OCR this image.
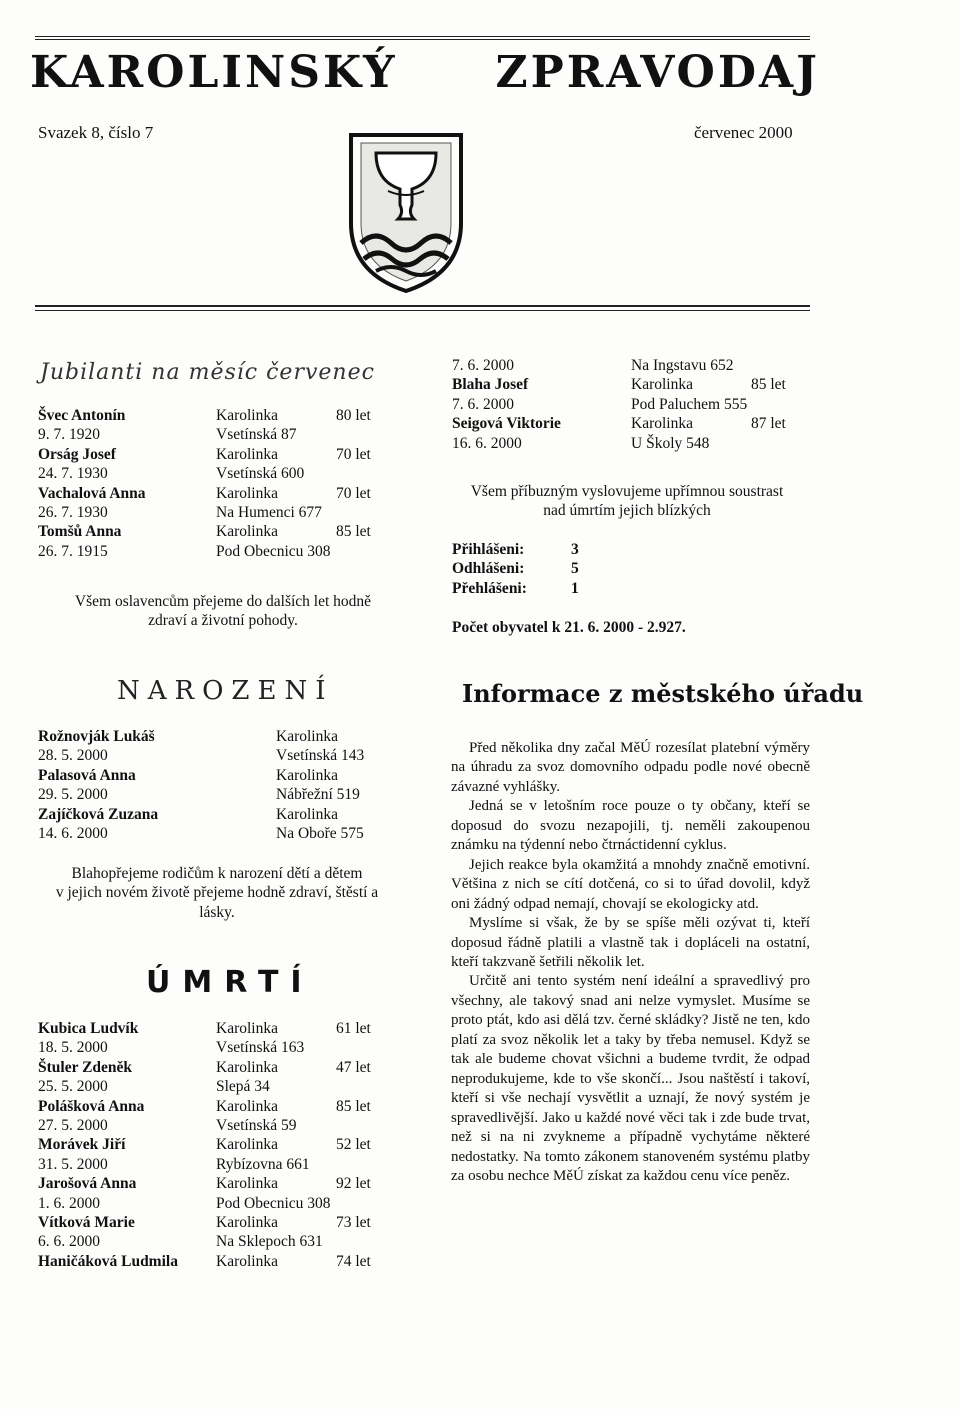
KAROLINSKÝ ZPRAVODAJ
Svazek 8, číslo 7	červenec 2000
Jubilanti na měsíc červenec
Švec Antonín	Karolinka	80 let
9. 7. 1920	Vsetínská 87
Orság Josef	Karolinka	70 let
24. 7. 1930	Vsetínská 600
Vachalová Anna	Karolinka	70 let
26. 7. 1930	Na Humenci 677
Tomšů Anna	Karolinka	85 let
26. 7. 1915	Pod Obecnicu 308
Všem oslavencům přejeme do dalších let hodně
zdraví a životní pohody.
NAROZENÍ
Rožnovják Lukáš	Karolinka
28. 5. 2000	Vsetínská 143
Palasová Anna	Karolinka
29. 5. 2000	Nábřežní 519
Zajíčková Zuzana	Karolinka
14. 6. 2000	Na Oboře 575
Blahopřejeme rodičům k narození dětí a dětem
v jejich novém životě přejeme hodně zdraví, štěstí a
lásky.
ÚMRTÍ
Kubica Ludvík	Karolinka	61 let
18. 5. 2000	Vsetínská 163
Štuler Zdeněk	Karolinka	47 let
25. 5. 2000	Slepá 34
Polášková Anna	Karolinka	85 let
27. 5. 2000	Vsetínská 59
Morávek Jiří	Karolinka	52 let
31. 5. 2000	Rybízovna 661
Jarošová Anna	Karolinka	92 let
1. 6. 2000	Pod Obecnicu 308
Vítková Marie	Karolinka	73 let
6. 6. 2000	Na Sklepoch 631
Haničáková Ludmila Karolinka	74 let
7. 6. 2000	Na Ingstavu 652
Blaha Josef	Karolinka	85 let
7. 6. 2000	Pod Paluchem 555
Seigová Viktorie	Karolinka	87 let
16. 6. 2000	U Školy 548
Všem příbuzným vyslovujeme upřímnou soustrast
nad úmrtím jejich blízkých
Přihlášeni:	3
Odhlášeni:	5
Přehlášeni:	1
Počet obyvatel k 21. 6. 2000 - 2.927.
Informace z městského úřadu

Před několika dny začal MěÚ rozesílat platební výměry na úhradu za svoz domovního odpadu podle nové obecně závazné vyhlášky.

Jedná se v letošním roce pouze o ty občany, kteří se doposud do svozu nezapojili, tj. neměli zakoupenou známku na týdenní nebo čtrnáctidenní cyklus.

Jejich reakce byla okamžitá a mnohdy značně emotivní. Většina z nich se cítí dotčená, co si to úřad dovolil, když oni žádný odpad nemají, chovají se ekologicky atd.

Myslíme si však, že by se spíše měli ozývat ti, kteří doposud řádně platili a vlastně tak i dopláceli na ostatní, kteří takzvaně šetřili několik let.

Určitě ani tento systém není ideální a spravedlivý pro všechny, ale takový snad ani nelze vymyslet. Musíme se proto ptát, kdo asi dělá tzv. černé skládky? Jistě ne ten, kdo platí za svoz několik let a taky by třeba nemusel. Když se tak ale budeme chovat všichni a budeme tvrdit, že odpad neprodukujeme, kde to vše skončí... Jsou naštěstí i takoví, kteří si vše nechají vysvětlit a uznají, že nový systém je spravedlivější. Jako u každé nové věci tak i zde bude trvat, než si na ni zvykneme a případně vychytáme některé nedostatky. Na tomto zákonem stanoveném systému platby za osobu nechce MěÚ získat za každou cenu více peněz.
